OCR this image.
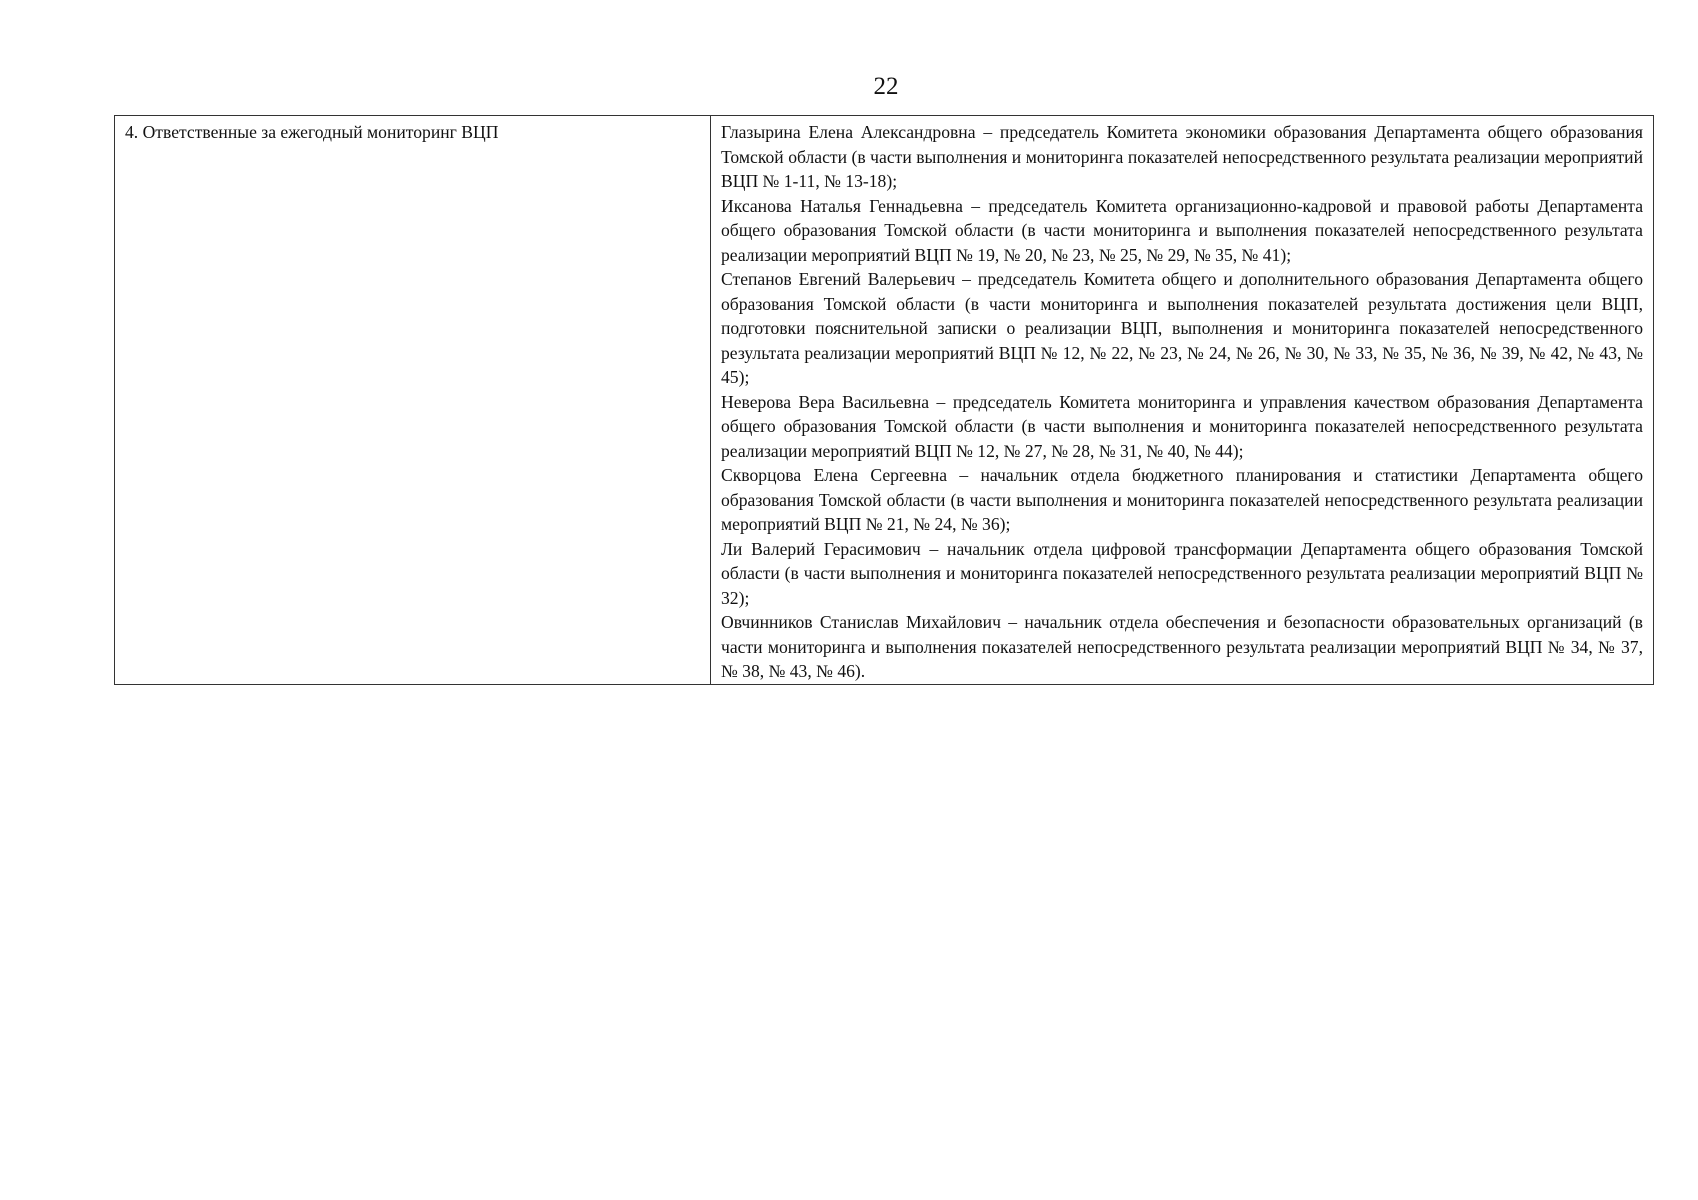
22
4. Ответственные за ежегодный мониторинг ВЦП	Глазырина Елена Александровна – председатель Комитета экономики образования Департамента общего образования Томской области (в части выполнения и мониторинга показателей непосредственного результата реализации мероприятий ВЦП № 1-11, № 13-18);
Иксанова Наталья Геннадьевна – председатель Комитета организационно-кадровой и правовой работы Департамента общего образования Томской области (в части мониторинга и выполнения показателей непосредственного результата реализации мероприятий ВЦП № 19, № 20, № 23, № 25, № 29, № 35, № 41);
Степанов Евгений Валерьевич – председатель Комитета общего и дополнительного образования Департамента общего образования Томской области (в части мониторинга и выполнения показателей результата достижения цели ВЦП, подготовки пояснительной записки о реализации ВЦП, выполнения и мониторинга показателей непосредственного результата реализации мероприятий ВЦП № 12, № 22, № 23, № 24, № 26, № 30, № 33, № 35, № 36, № 39, № 42, № 43, № 45);
Неверова Вера Васильевна – председатель Комитета мониторинга и управления качеством образования Департамента общего образования Томской области (в части выполнения и мониторинга показателей непосредственного результата реализации мероприятий ВЦП № 12, № 27, № 28, № 31, № 40, № 44);
Скворцова Елена Сергеевна – начальник отдела бюджетного планирования и статистики Департамента общего образования Томской области (в части выполнения и мониторинга показателей непосредственного результата реализации мероприятий ВЦП № 21, № 24, № 36);
Ли Валерий Герасимович – начальник отдела цифровой трансформации Департамента общего образования Томской области (в части выполнения и мониторинга показателей непосредственного результата реализации мероприятий ВЦП № 32);
Овчинников Станислав Михайлович – начальник отдела обеспечения и безопасности образовательных организаций (в части мониторинга и выполнения показателей непосредственного результата реализации мероприятий ВЦП № 34, № 37, № 38, № 43, № 46).
